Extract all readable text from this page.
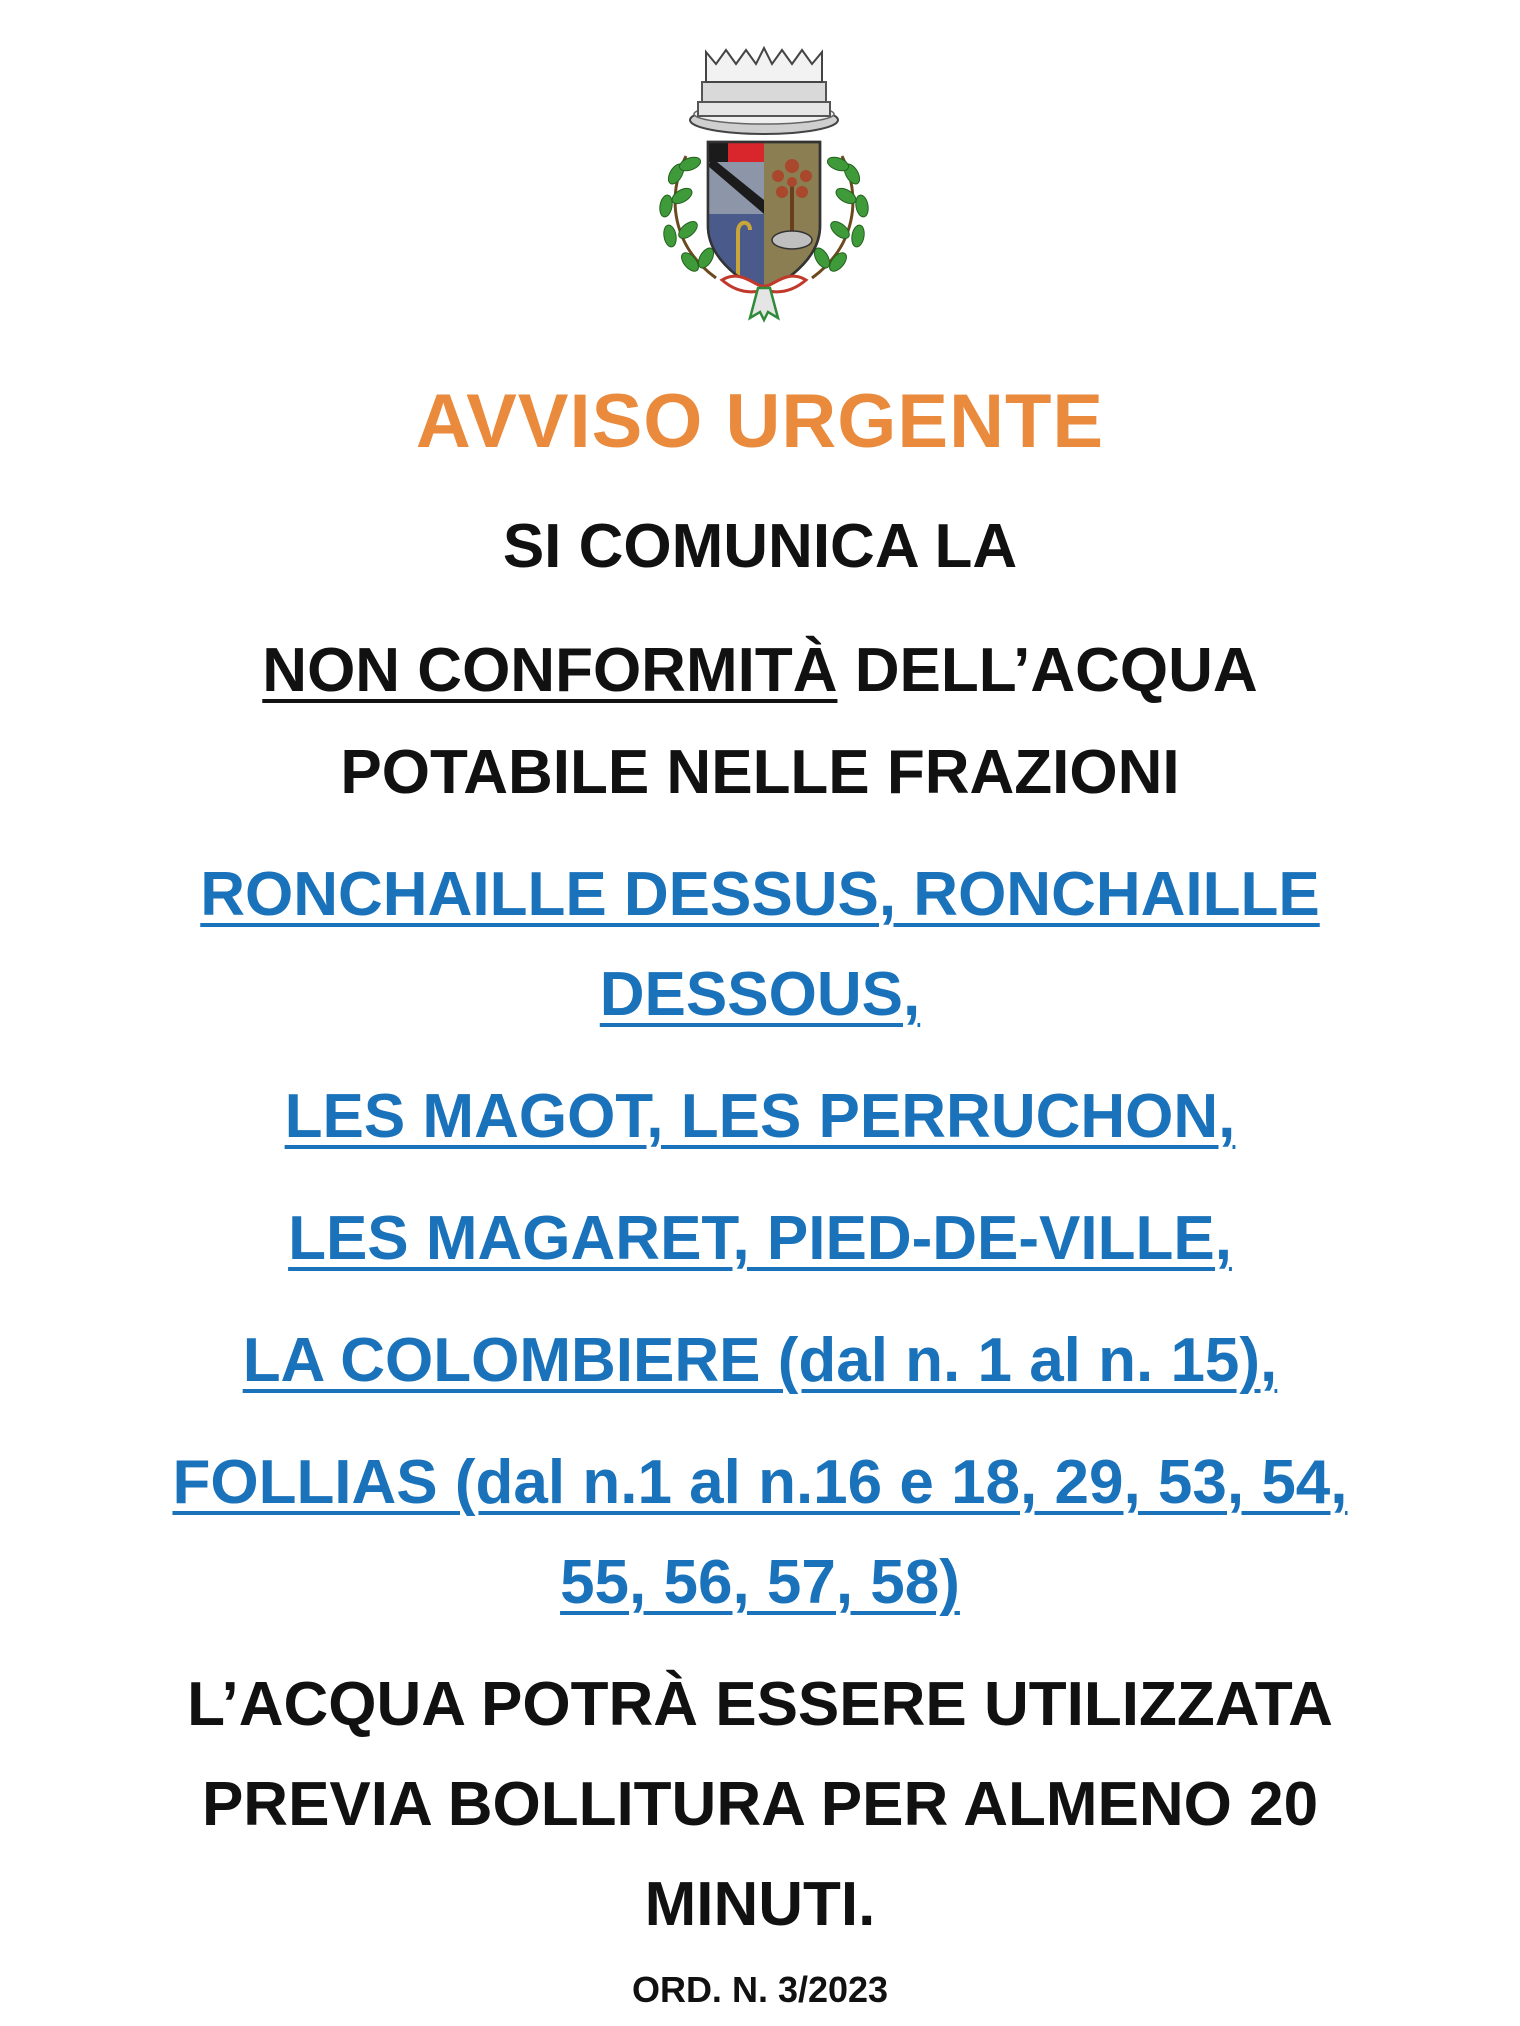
AVVISO URGENTE
SI COMUNICA LA
NON CONFORMITÀ DELL’ACQUA
POTABILE NELLE FRAZIONI
RONCHAILLE DESSUS, RONCHAILLE
DESSOUS,
LES MAGOT, LES PERRUCHON,
LES MAGARET, PIED-DE-VILLE,
LA COLOMBIERE (dal n. 1 al n. 15),
FOLLIAS (dal n.1 al n.16 e 18, 29, 53, 54,
55, 56, 57, 58)
L’ACQUA POTRÀ ESSERE UTILIZZATA
PREVIA BOLLITURA PER ALMENO 20
MINUTI.
ORD. N. 3/2023
